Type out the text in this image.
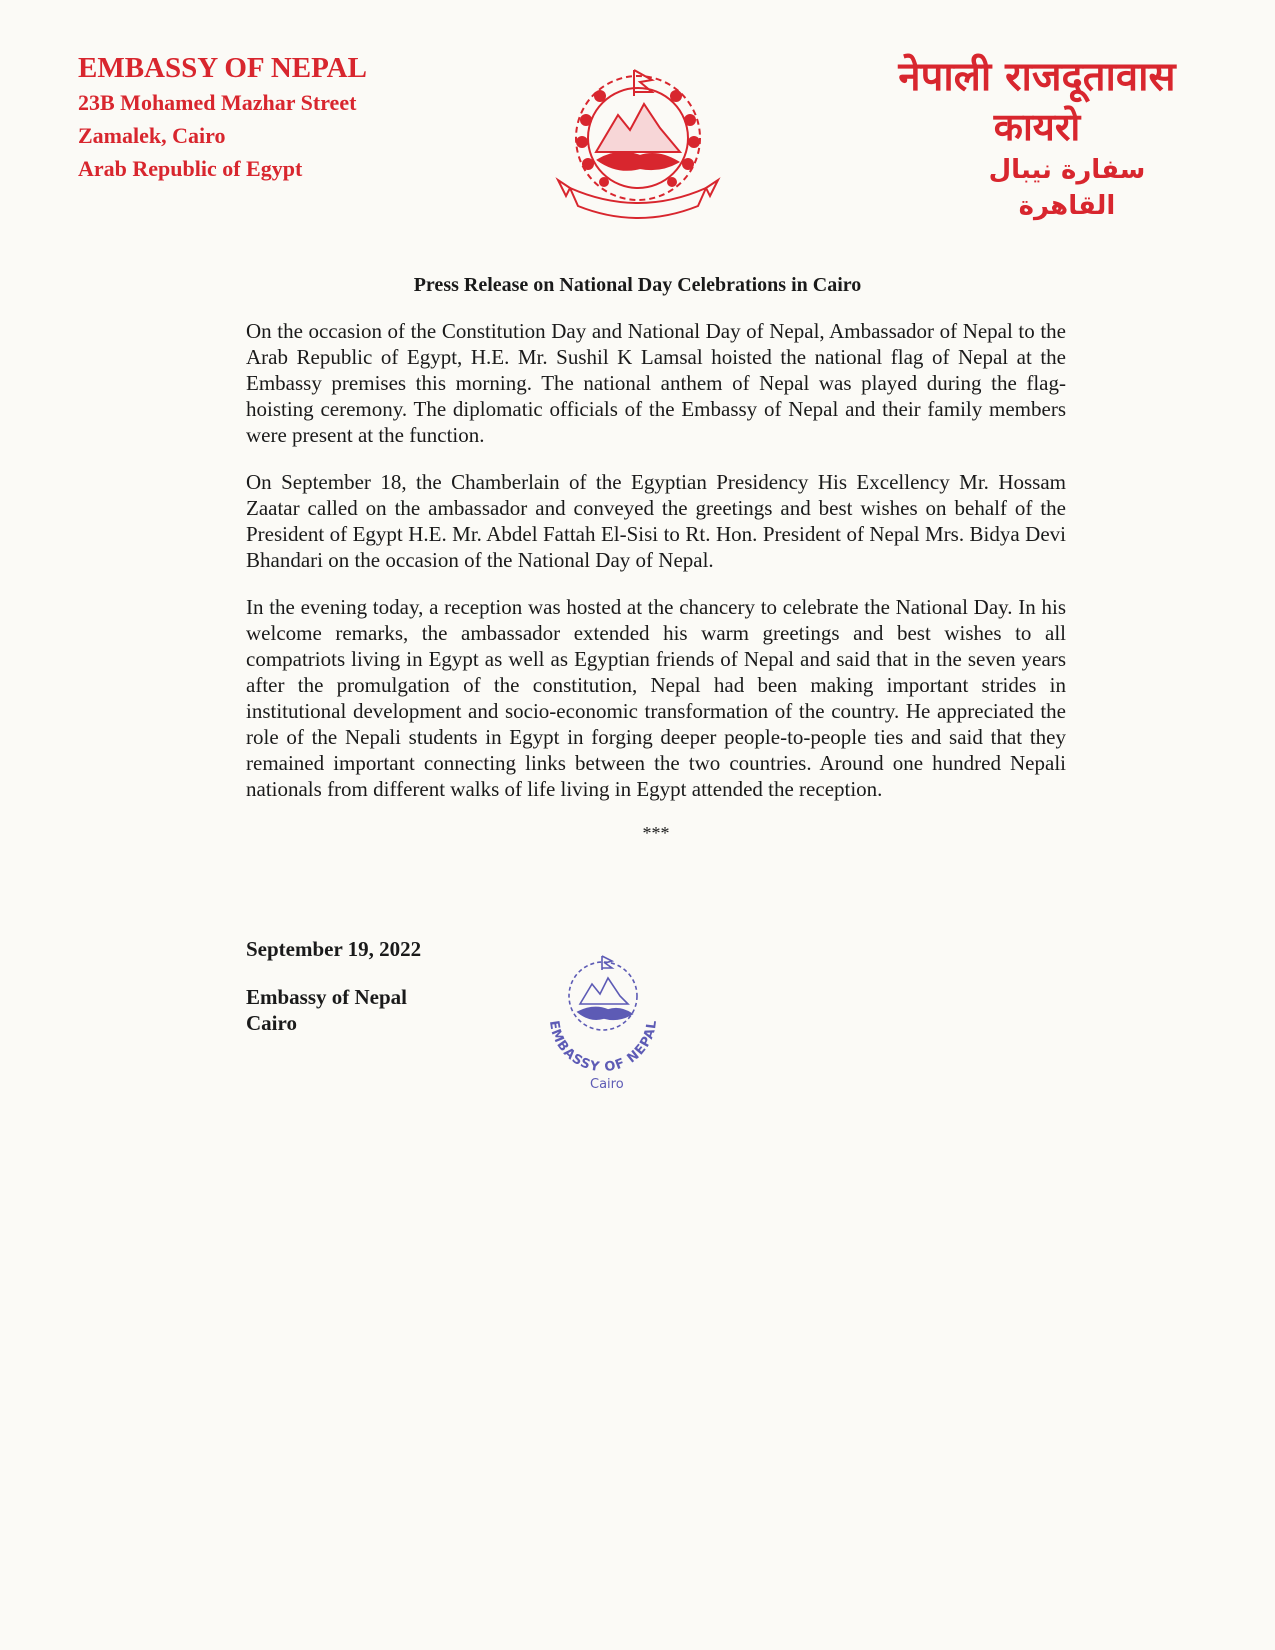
EMBASSY OF NEPAL
23B Mohamed Mazhar Street
Zamalek, Cairo
Arab Republic of Egypt
नेपाली राजदूतावास
कायरो
سفارة نيبال
القاهرة
Press Release on National Day Celebrations in Cairo

On the occasion of the Constitution Day and National Day of Nepal, Ambassador of Nepal to the Arab Republic of Egypt, H.E. Mr. Sushil K Lamsal hoisted the national flag of Nepal at the Embassy premises this morning. The national anthem of Nepal was played during the flag-hoisting ceremony. The diplomatic officials of the Embassy of Nepal and their family members were present at the function.

On September 18, the Chamberlain of the Egyptian Presidency His Excellency Mr. Hossam Zaatar called on the ambassador and conveyed the greetings and best wishes on behalf of the President of Egypt H.E. Mr. Abdel Fattah El-Sisi to Rt. Hon. President of Nepal Mrs. Bidya Devi Bhandari on the occasion of the National Day of Nepal.

In the evening today, a reception was hosted at the chancery to celebrate the National Day. In his welcome remarks, the ambassador extended his warm greetings and best wishes to all compatriots living in Egypt as well as Egyptian friends of Nepal and said that in the seven years after the promulgation of the constitution, Nepal had been making important strides in institutional development and socio-economic transformation of the country. He appreciated the role of the Nepali students in Egypt in forging deeper people-to-people ties and said that they remained important connecting links between the two countries. Around one hundred Nepali nationals from different walks of life living in Egypt attended the reception.

***
September 19, 2022
Embassy of Nepal
Cairo	EMBASSY OF NEPAL
Cairo
